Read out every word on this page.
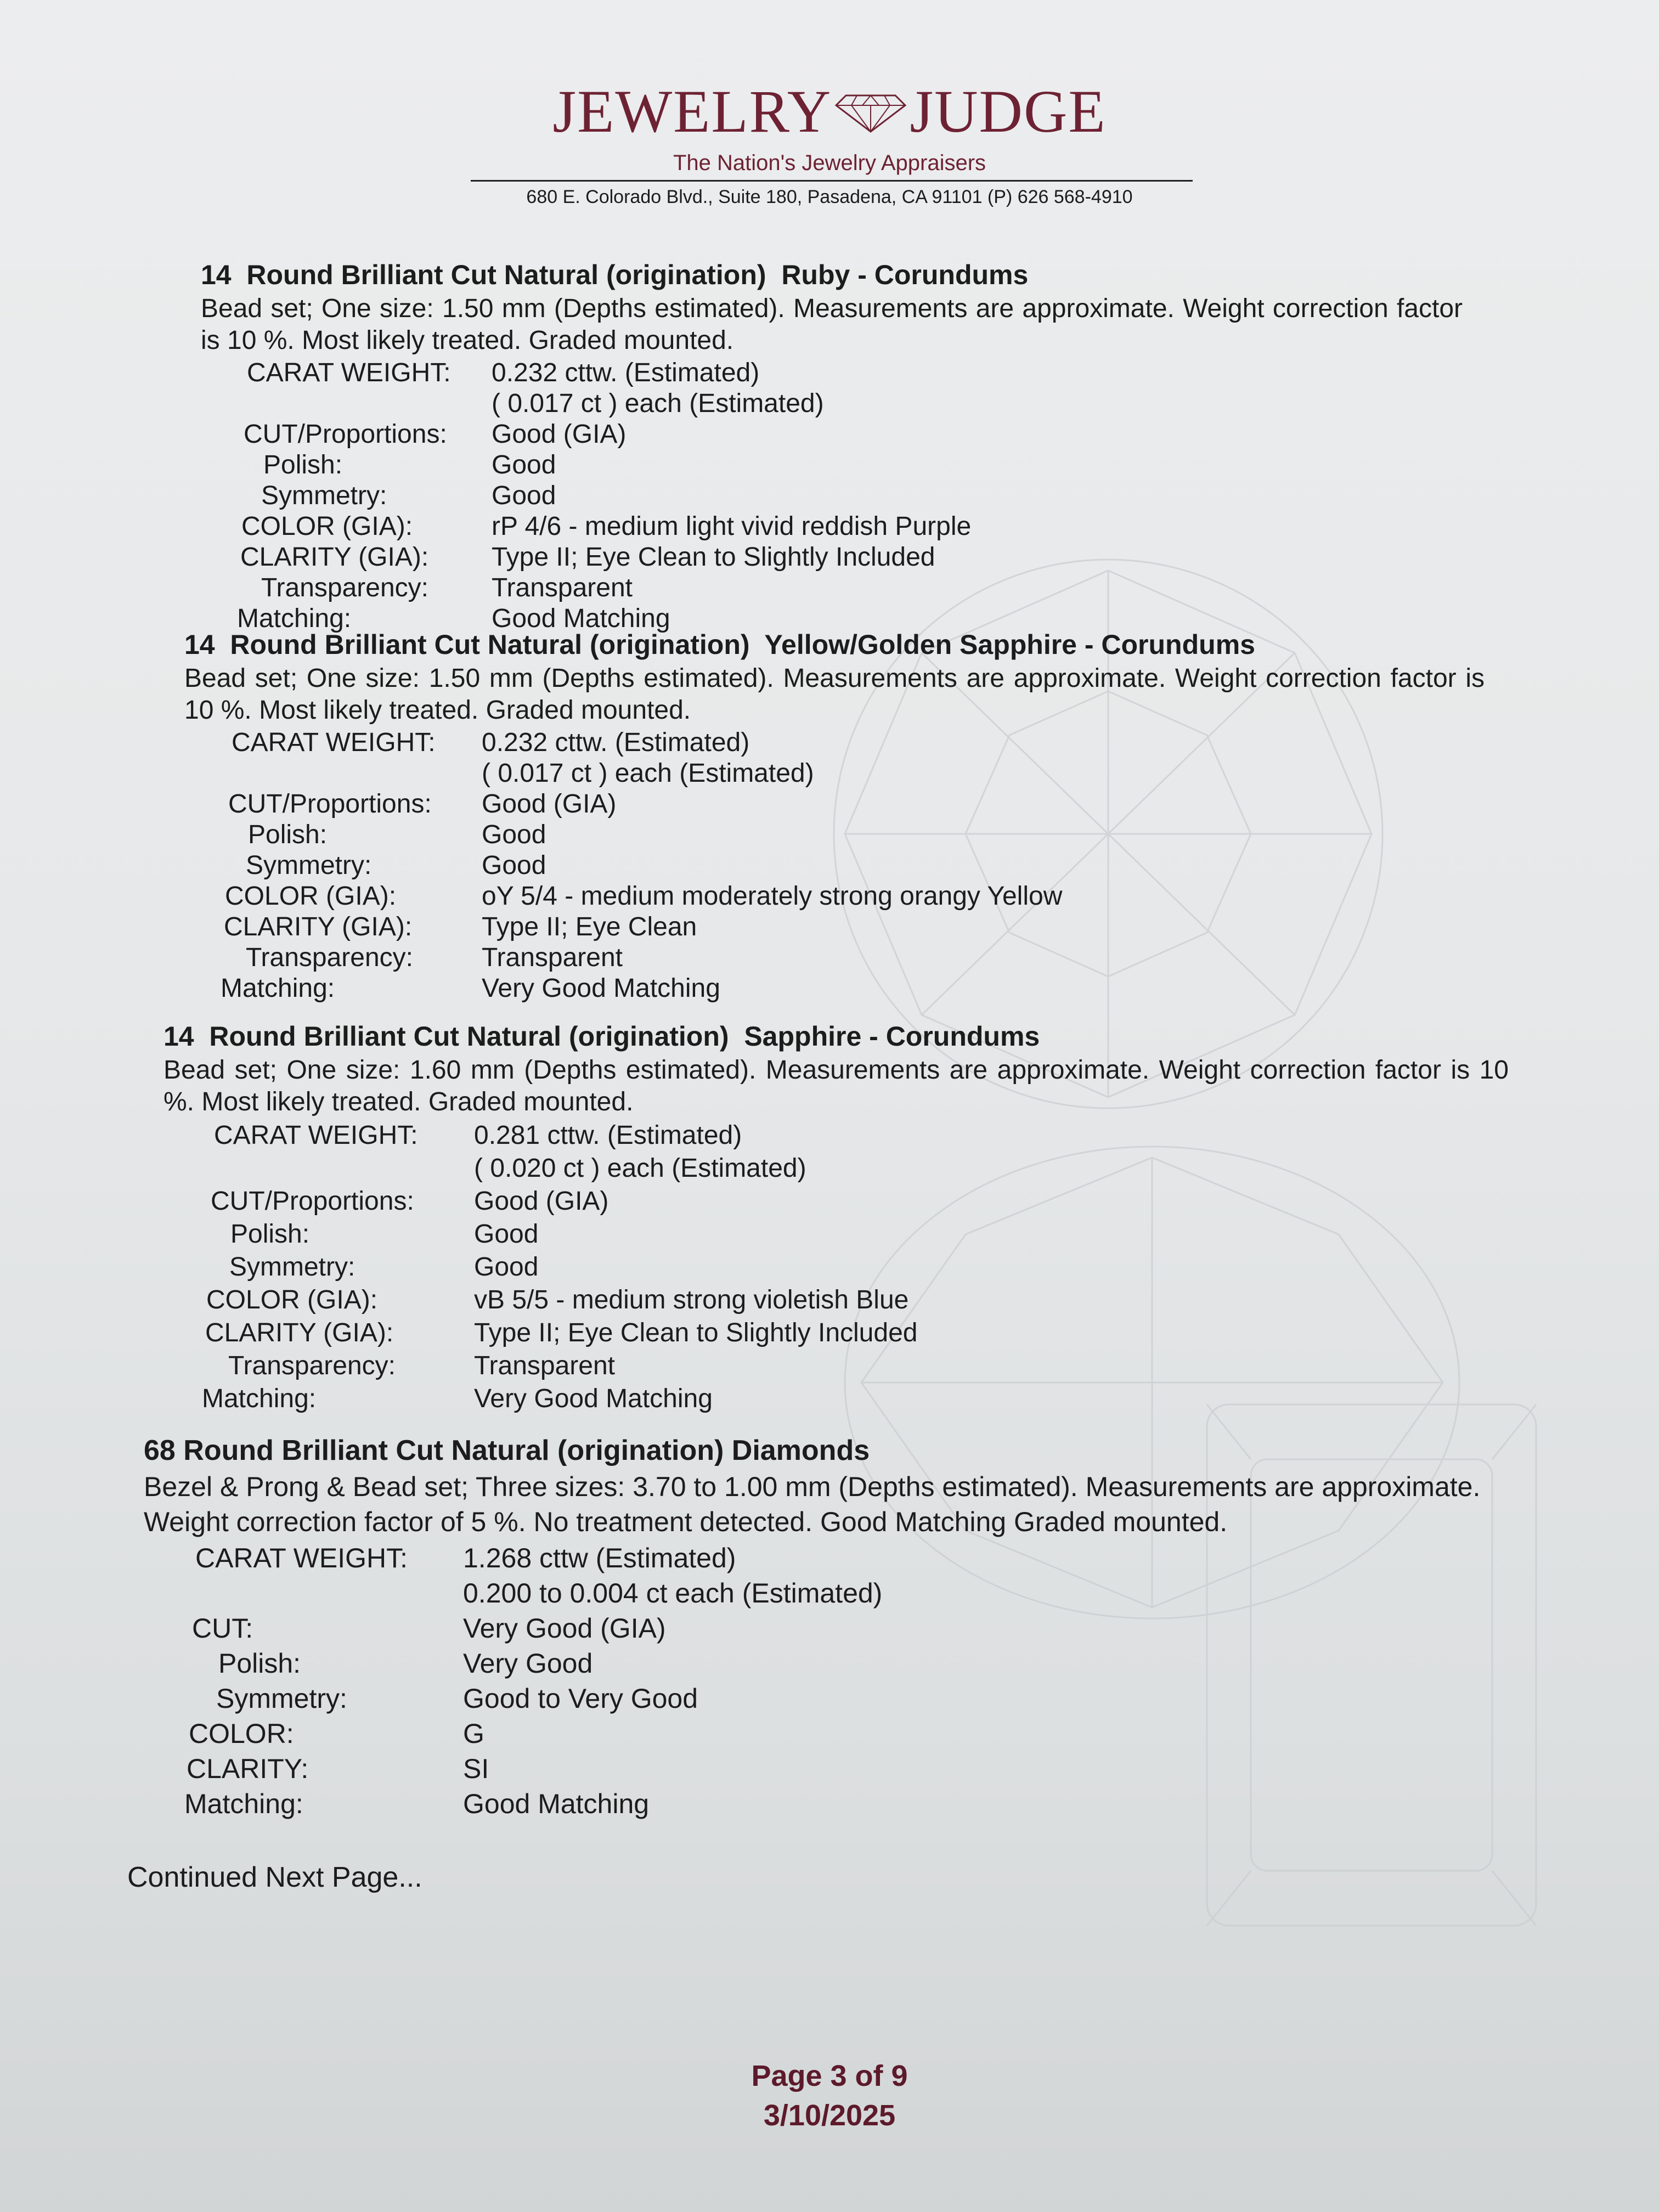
JEWELRY JUDGE
The Nation's Jewelry Appraisers
680 E. Colorado Blvd., Suite 180, Pasadena, CA 91101 (P) 626 568-4910
14  Round Brilliant Cut Natural (origination)  Ruby - Corundums
Bead set; One size: 1.50 mm (Depths estimated). Measurements are approximate. Weight correction factor is 10 %. Most likely treated. Graded mounted.
CARAT WEIGHT:	0.232 cttw. (Estimated)
( 0.017 ct ) each (Estimated)
CUT/Proportions:	Good (GIA)
Polish:	Good
Symmetry:	Good
COLOR (GIA):	rP 4/6 - medium light vivid reddish Purple
CLARITY (GIA):	Type II; Eye Clean to Slightly Included
Transparency:	Transparent
Matching:	Good Matching
14  Round Brilliant Cut Natural (origination)  Yellow/Golden Sapphire - Corundums
Bead set; One size: 1.50 mm (Depths estimated). Measurements are approximate. Weight correction factor is 10 %. Most likely treated. Graded mounted.
CARAT WEIGHT:	0.232 cttw. (Estimated)
( 0.017 ct ) each (Estimated)
CUT/Proportions:	Good (GIA)
Polish:	Good
Symmetry:	Good
COLOR (GIA):	oY 5/4 - medium moderately strong orangy Yellow
CLARITY (GIA):	Type II; Eye Clean
Transparency:	Transparent
Matching:	Very Good Matching
14  Round Brilliant Cut Natural (origination)  Sapphire - Corundums
Bead set; One size: 1.60 mm (Depths estimated). Measurements are approximate. Weight correction factor is 10 %. Most likely treated. Graded mounted.
CARAT WEIGHT:	0.281 cttw. (Estimated)
( 0.020 ct ) each (Estimated)
CUT/Proportions:	Good (GIA)
Polish:	Good
Symmetry:	Good
COLOR (GIA):	vB 5/5 - medium strong violetish Blue
CLARITY (GIA):	Type II; Eye Clean to Slightly Included
Transparency:	Transparent
Matching:	Very Good Matching
68 Round Brilliant Cut Natural (origination) Diamonds
Bezel & Prong & Bead set; Three sizes: 3.70 to 1.00 mm (Depths estimated). Measurements are approximate. Weight correction factor of 5 %. No treatment detected. Good Matching Graded mounted.
CARAT WEIGHT:	1.268 cttw (Estimated)
0.200 to 0.004 ct each (Estimated)
CUT:	Very Good (GIA)
Polish:	Very Good
Symmetry:	Good to Very Good
COLOR:	G
CLARITY:	SI
Matching:	Good Matching
Continued Next Page...
Page 3 of 9
3/10/2025
